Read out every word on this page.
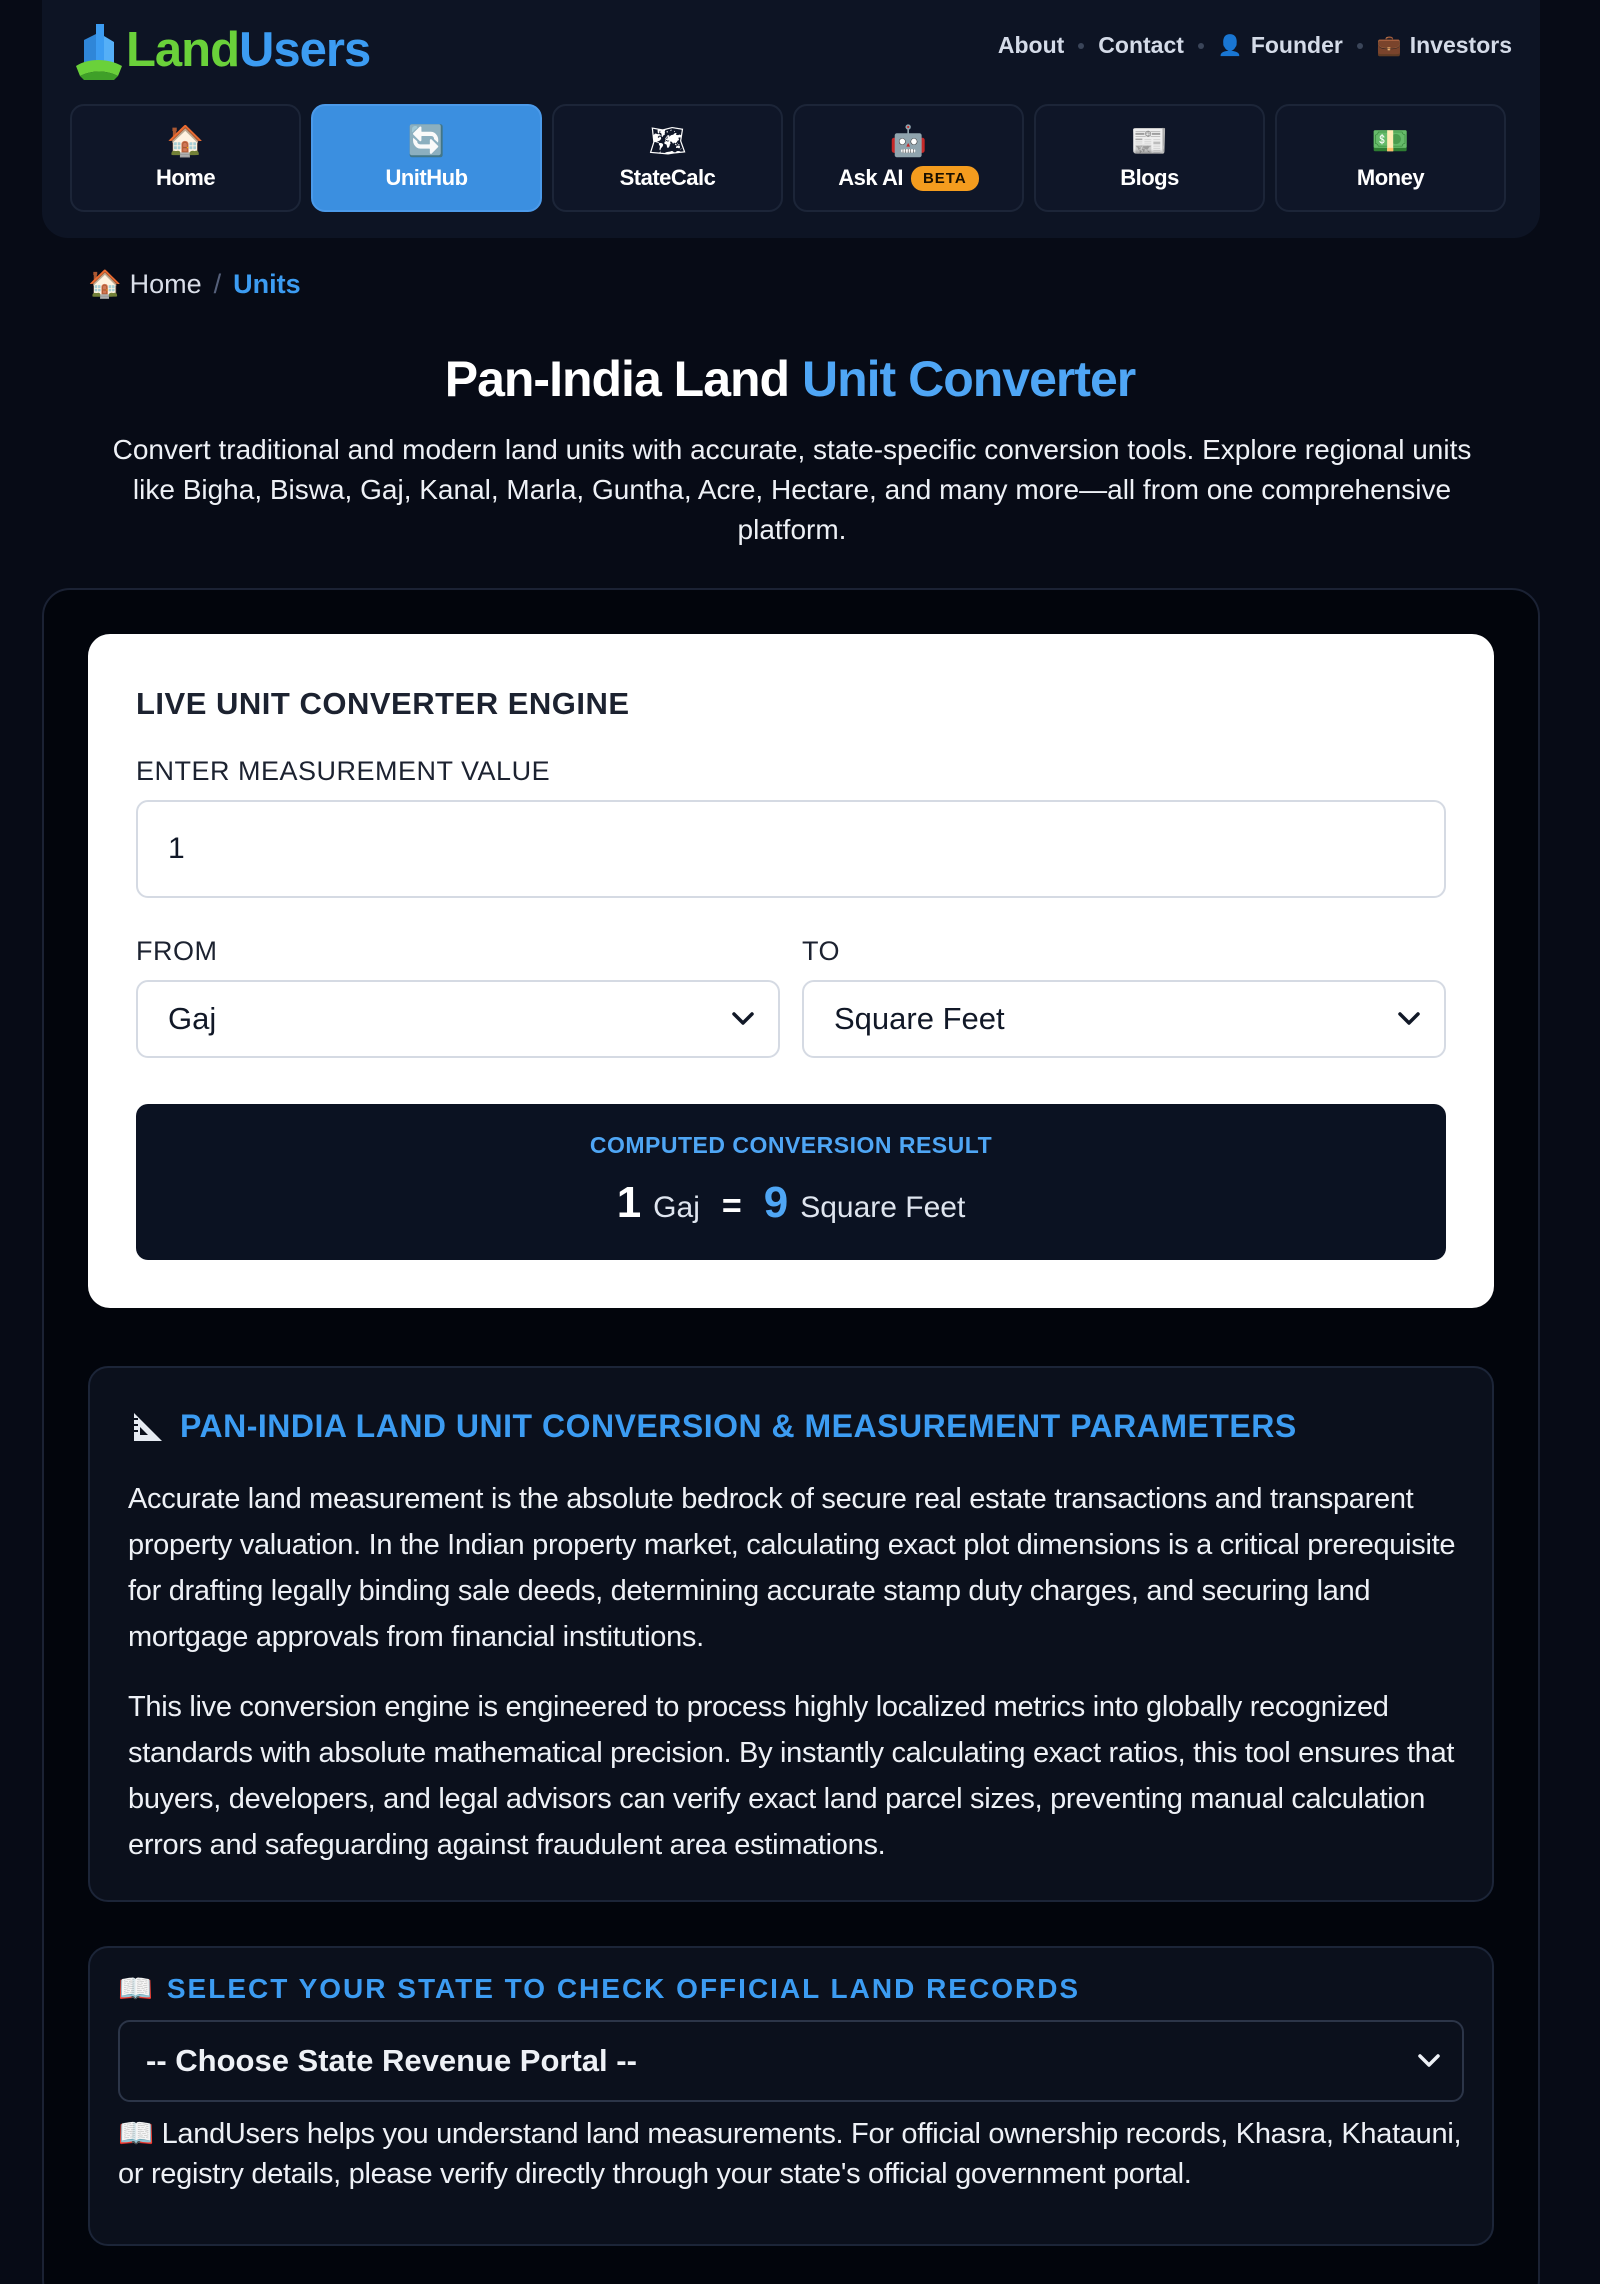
Land Users	About Contact 👤 Founder 💼 Investors
🏠
Home
🔄
UnitHub
🗺
StateCalc
🤖
Ask AI	BETA
📰
Blogs
💵
Money
🏠 Home / Units
Pan-India Land Unit Converter
Convert traditional and modern land units with accurate, state-specific conversion tools. Explore regional units like Bigha, Biswa, Gaj, Kanal, Marla, Guntha, Acre, Hectare, and many more—all from one comprehensive platform.
LIVE UNIT CONVERTER ENGINE
ENTER MEASUREMENT VALUE
1
FROM
Gaj
TO
Square Feet
COMPUTED CONVERSION RESULT
1 Gaj = 9 Square Feet
PAN-INDIA LAND UNIT CONVERSION & MEASUREMENT PARAMETERS

Accurate land measurement is the absolute bedrock of secure real estate transactions and transparent property valuation. In the Indian property market, calculating exact plot dimensions is a critical prerequisite for drafting legally binding sale deeds, determining accurate stamp duty charges, and securing land mortgage approvals from financial institutions.

This live conversion engine is engineered to process highly localized metrics into globally recognized standards with absolute mathematical precision. By instantly calculating exact ratios, this tool ensures that buyers, developers, and legal advisors can verify exact land parcel sizes, preventing manual calculation errors and safeguarding against fraudulent area estimations.

📖 SELECT YOUR STATE TO CHECK OFFICIAL LAND RECORDS
-- Choose State Revenue Portal --
📖 LandUsers helps you understand land measurements. For official ownership records, Khasra, Khatauni, or registry details, please verify directly through your state's official government portal.
